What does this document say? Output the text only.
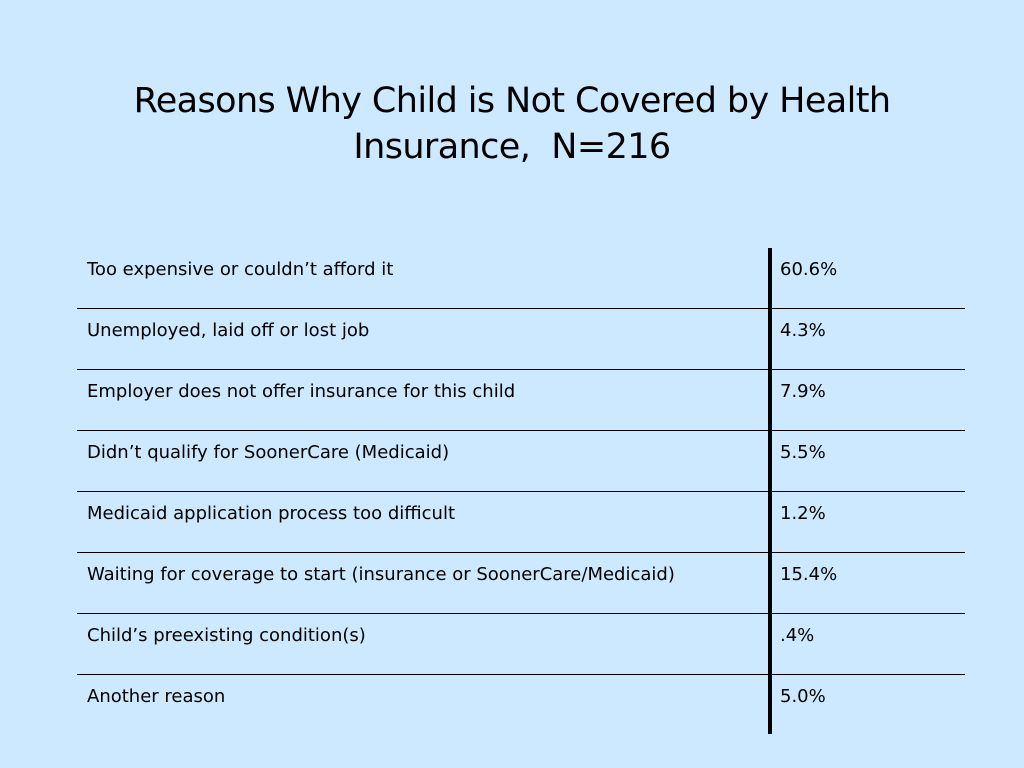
Reasons Why Child is Not Covered by Health
Insurance,  N=216
Too expensive or couldn’t afford it	60.6%
Unemployed, laid off or lost job	4.3%
Employer does not offer insurance for this child	7.9%
Didn’t qualify for SoonerCare (Medicaid)	5.5%
Medicaid application process too difficult	1.2%
Waiting for coverage to start (insurance or SoonerCare/Medicaid)	15.4%
Child’s preexisting condition(s)	.4%
Another reason	5.0%
